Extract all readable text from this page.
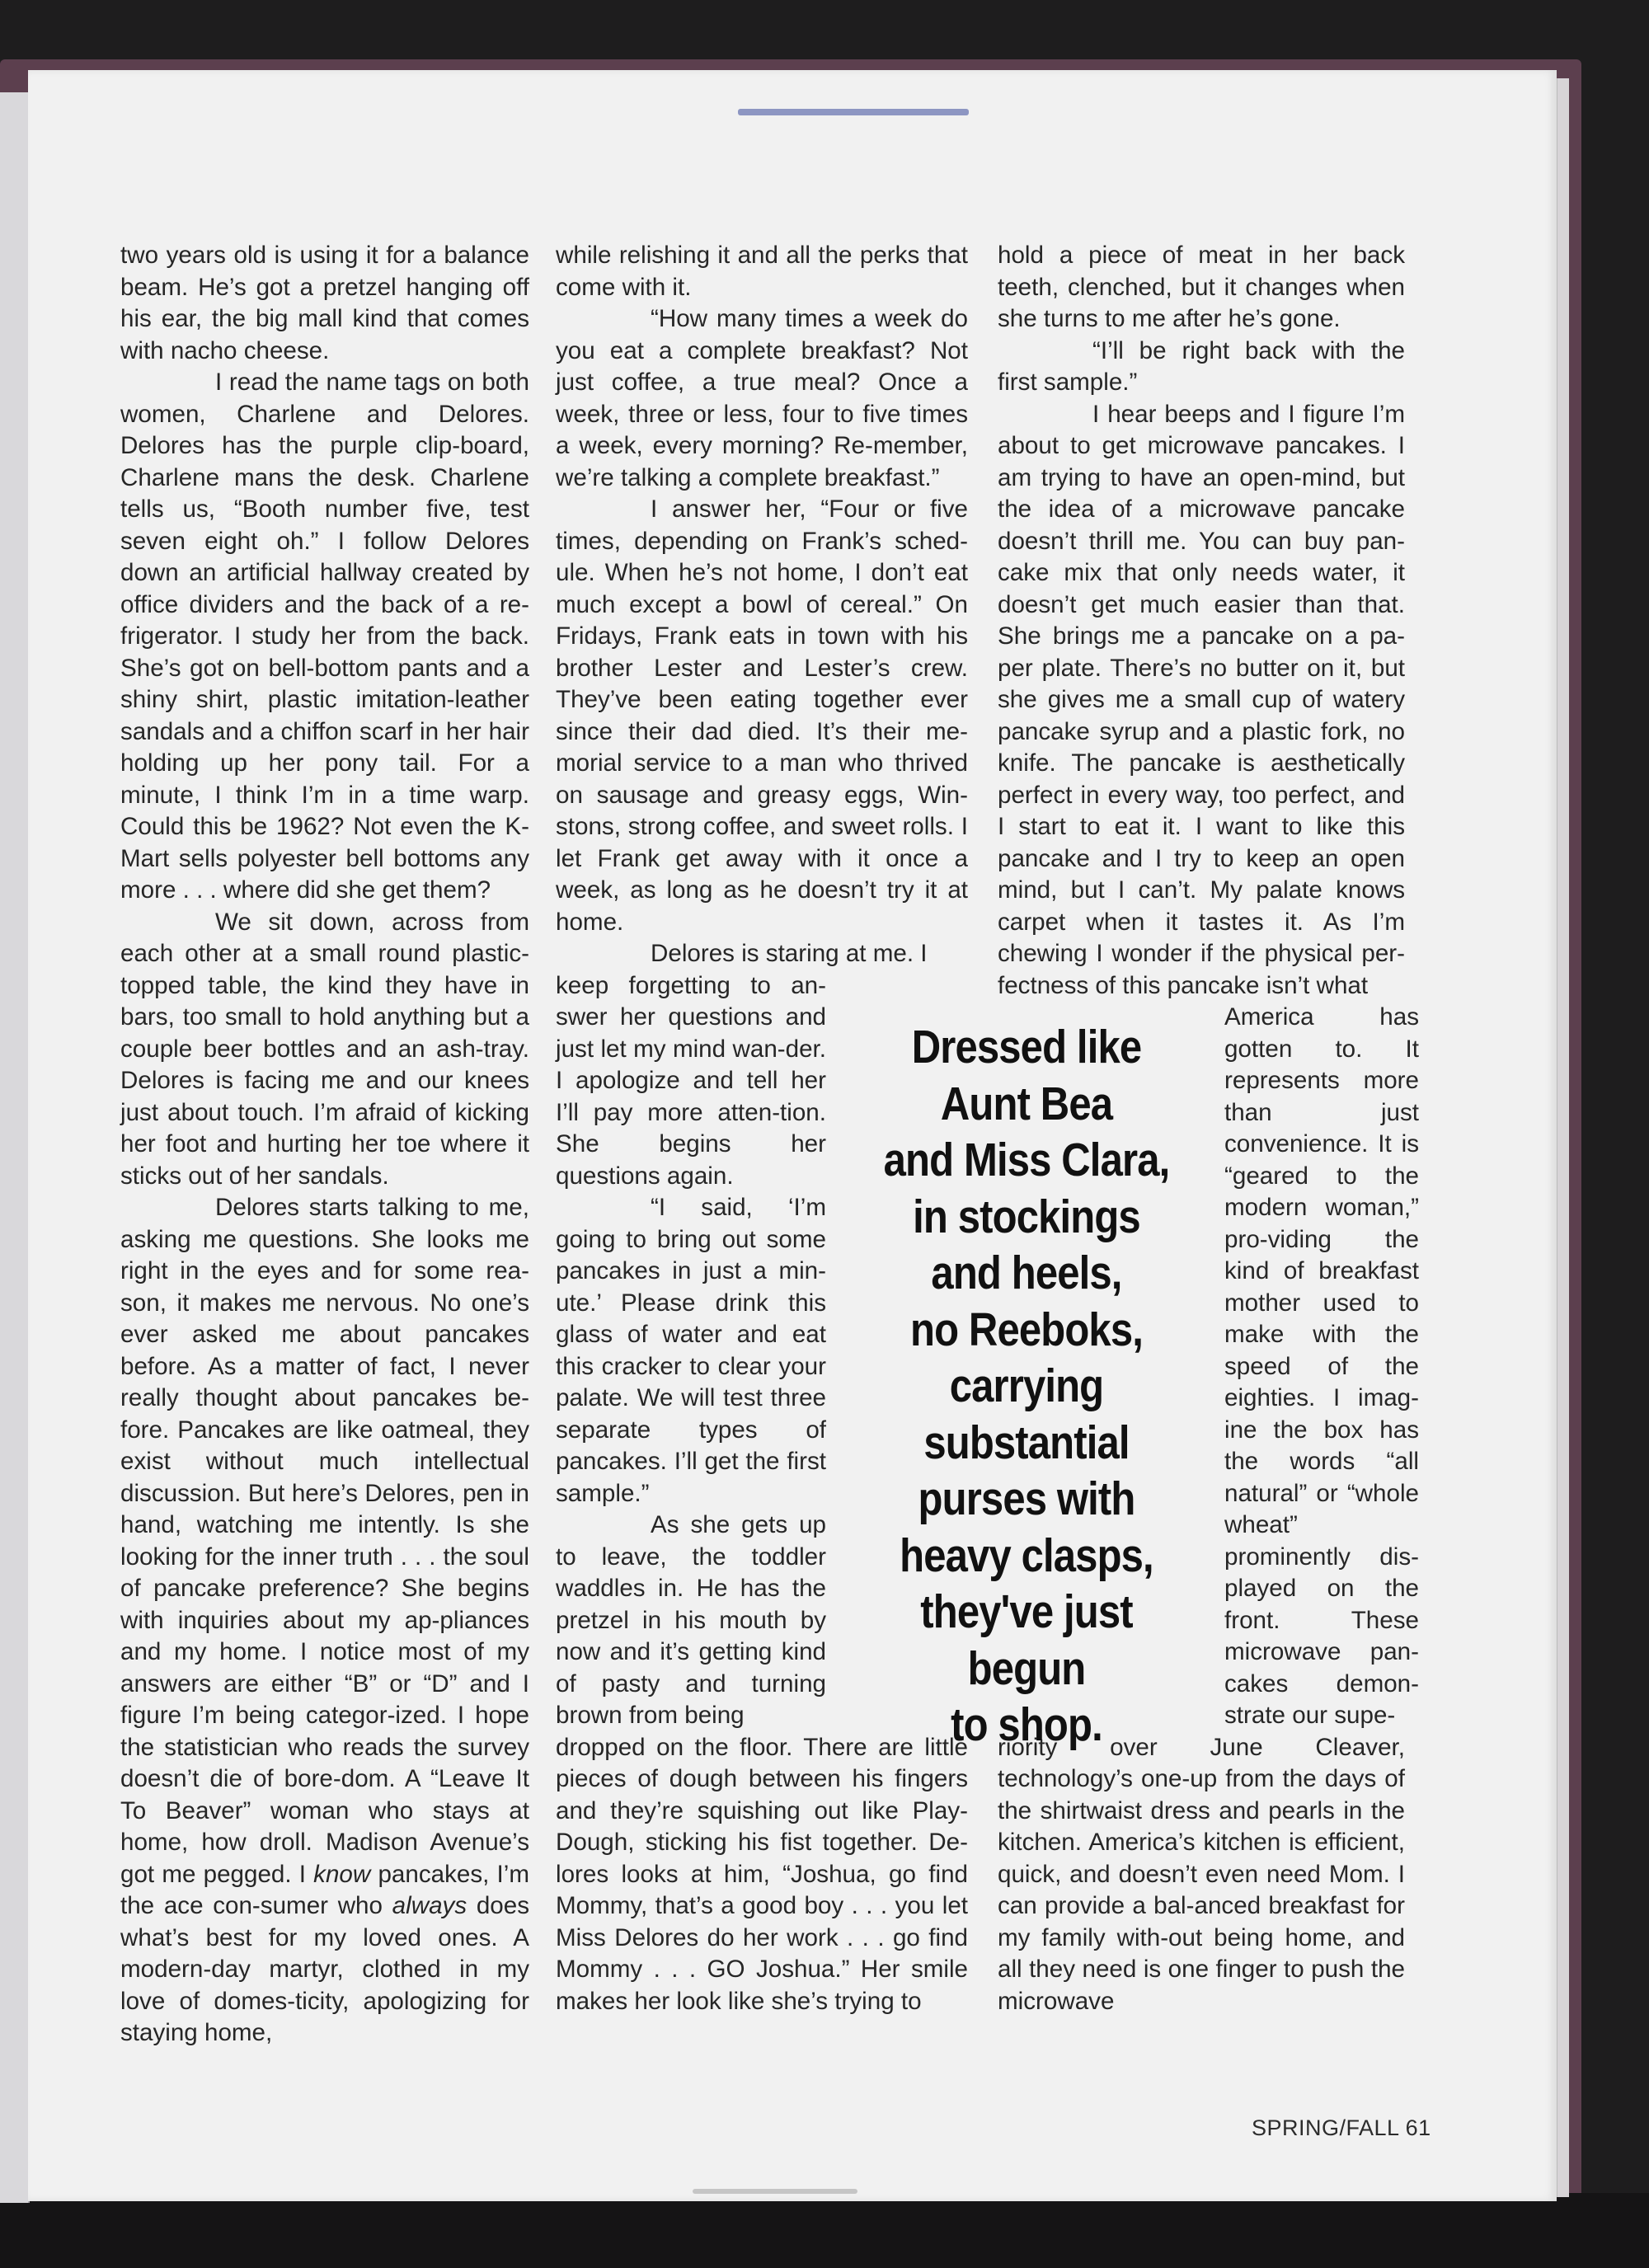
two years old is using it for a balance beam. He’s got a pretzel hanging off his ear, the big mall kind that comes with nacho cheese.

I read the name tags on both women, Charlene and Delores. Delores has the purple clip-board, Charlene mans the desk. Charlene tells us, “Booth number five, test seven eight oh.” I follow Delores down an artificial hallway created by office dividers and the back of a re-frigerator. I study her from the back. She’s got on bell-bottom pants and a shiny shirt, plastic imitation-leather sandals and a chiffon scarf in her hair holding up her pony tail. For a minute, I think I’m in a time warp. Could this be 1962? Not even the K-Mart sells polyester bell bottoms any more . . . where did she get them?

We sit down, across from each other at a small round plastic-topped table, the kind they have in bars, too small to hold anything but a couple beer bottles and an ash-tray. Delores is facing me and our knees just about touch. I’m afraid of kicking her foot and hurting her toe where it sticks out of her sandals.

Delores starts talking to me, asking me questions. She looks me right in the eyes and for some rea-son, it makes me nervous. No one’s ever asked me about pancakes before. As a matter of fact, I never really thought about pancakes be-fore. Pancakes are like oatmeal, they exist without much intellectual discussion. But here’s Delores, pen in hand, watching me intently. Is she looking for the inner truth . . . the soul of pancake preference? She begins with inquiries about my ap-pliances and my home. I notice most of my answers are either “B” or “D” and I figure I’m being categor-ized. I hope the statistician who reads the survey doesn’t die of bore-dom. A “Leave It To Beaver” woman who stays at home, how droll. Madison Avenue’s got me pegged. I know pancakes, I’m the ace con-sumer who always does what’s best for my loved ones. A modern-day martyr, clothed in my love of domes-ticity, apologizing for staying home,

while relishing it and all the perks that come with it.

“How many times a week do you eat a complete breakfast? Not just coffee, a true meal? Once a week, three or less, four to five times a week, every morning? Re-member, we’re talking a complete breakfast.”

I answer her, “Four or five times, depending on Frank’s sched-ule. When he’s not home, I don’t eat much except a bowl of cereal.” On Fridays, Frank eats in town with his brother Lester and Lester’s crew. They’ve been eating together ever since their dad died. It’s their me-morial service to a man who thrived on sausage and greasy eggs, Win-stons, strong coffee, and sweet rolls. I let Frank get away with it once a week, as long as he doesn’t try it at home.

Delores is staring at me. I

keep forgetting to an-swer her questions and just let my mind wan-der. I apologize and tell her I’ll pay more atten-tion. She begins her questions again.

“I said, ‘I’m going to bring out some pancakes in just a min-ute.’ Please drink this glass of water and eat this cracker to clear your palate. We will test three separate types of pancakes. I’ll get the first sample.”

As she gets up to leave, the toddler waddles in. He has the pretzel in his mouth by now and it’s getting kind of pasty and turning brown from being

dropped on the floor. There are little pieces of dough between his fingers and they’re squishing out like Play-Dough, sticking his fist together. De-lores looks at him, “Joshua, go find Mommy, that’s a good boy . . . you let Miss Delores do her work . . . go find Mommy . . . GO Joshua.” Her smile makes her look like she’s trying to

hold a piece of meat in her back teeth, clenched, but it changes when she turns to me after he’s gone.

“I’ll be right back with the first sample.”

I hear beeps and I figure I’m about to get microwave pancakes. I am trying to have an open-mind, but the idea of a microwave pancake doesn’t thrill me. You can buy pan-cake mix that only needs water, it doesn’t get much easier than that. She brings me a pancake on a pa-per plate. There’s no butter on it, but she gives me a small cup of watery pancake syrup and a plastic fork, no knife. The pancake is aesthetically perfect in every way, too perfect, and I start to eat it. I want to like this pancake and I try to keep an open mind, but I can’t. My palate knows carpet when it tastes it. As I’m chewing I wonder if the physical per-fectness of this pancake isn’t what

America has gotten to. It represents more than just convenience. It is “geared to the modern woman,” pro-viding the kind of breakfast mother used to make with the speed of the eighties. I imag-ine the box has the words “all natural” or “whole wheat” prominently dis-played on the front. These microwave pan-cakes demon-strate our supe-

riority over June Cleaver, technology’s one-up from the days of the shirtwaist dress and pearls in the kitchen. America’s kitchen is efficient, quick, and doesn’t even need Mom. I can provide a bal-anced breakfast for my family with-out being home, and all they need is one finger to push the microwave

Dressed like
Aunt Bea
and Miss Clara,
in stockings
and heels,
no Reeboks,
carrying substantial
purses with
heavy clasps,
they've just
begun
to shop.
SPRING/FALL 61
